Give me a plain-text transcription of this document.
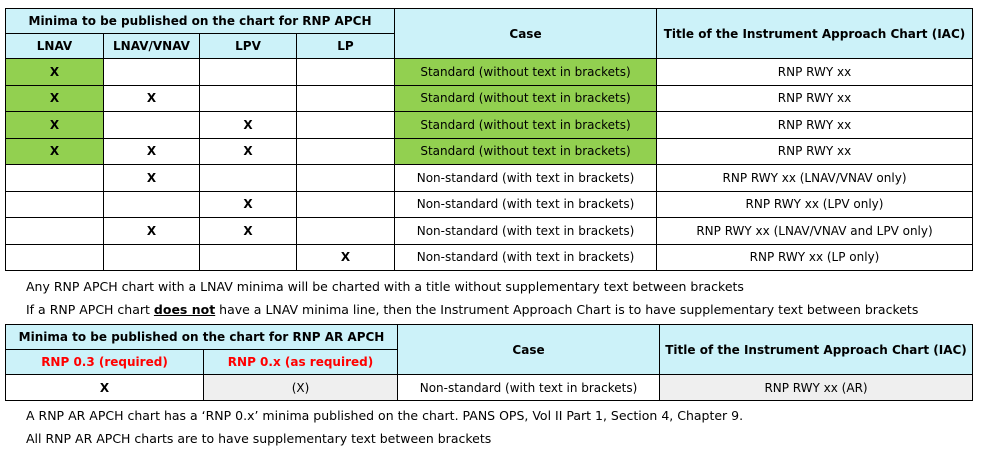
Minima to be published on the chart for RNP APCH				Case	Title of the Instrument Approach Chart (IAC)
LNAV	LNAV/VNAV	LPV	LP		
X				Standard (without text in brackets)	RNP RWY xx
X	X			Standard (without text in brackets)	RNP RWY xx
X		X		Standard (without text in brackets)	RNP RWY xx
X	X	X		Standard (without text in brackets)	RNP RWY xx
	X			Non-standard (with text in brackets)	RNP RWY xx (LNAV/VNAV only)
		X		Non-standard (with text in brackets)	RNP RWY xx (LPV only)
	X	X		Non-standard (with text in brackets)	RNP RWY xx (LNAV/VNAV and LPV only)
			X	Non-standard (with text in brackets)	RNP RWY xx (LP only)
Any RNP APCH chart with a LNAV minima will be charted with a title without supplementary text between brackets
If a RNP APCH chart does not have a LNAV minima line, then the Instrument Approach Chart is to have supplementary text between brackets
Minima to be published on the chart for RNP AR APCH		Case	Title of the Instrument Approach Chart (IAC)
RNP 0.3 (required)	RNP 0.x (as required)		
X	(X)	Non-standard (with text in brackets)	RNP RWY xx (AR)
A RNP AR APCH chart has a ‘RNP 0.x’ minima published on the chart. PANS OPS, Vol II Part 1, Section 4, Chapter 9.
All RNP AR APCH charts are to have supplementary text between brackets
